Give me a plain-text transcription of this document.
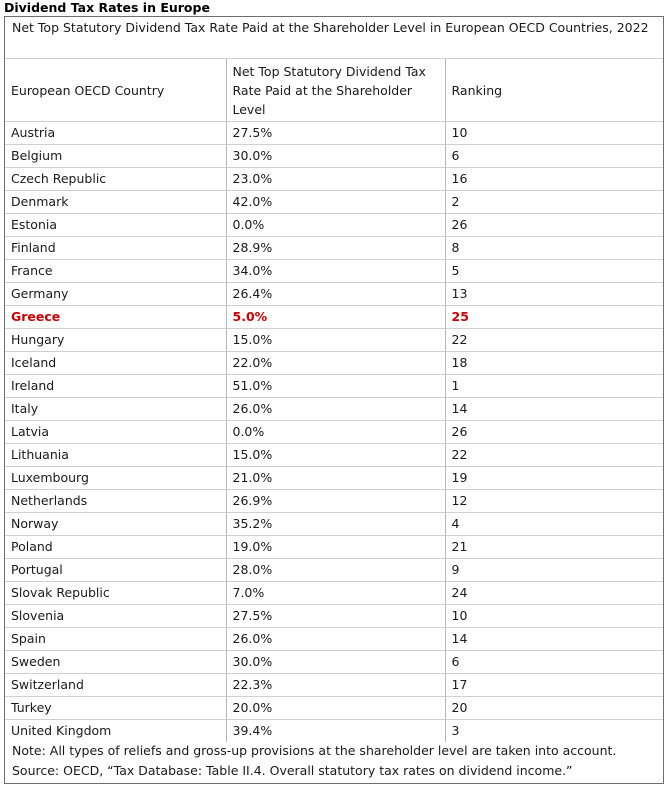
Dividend Tax Rates in Europe
Net Top Statutory Dividend Tax Rate Paid at the Shareholder Level in European OECD Countries, 2022
European OECD Country	Net Top Statutory Dividend Tax Rate Paid at the Shareholder Level	Ranking
Austria	27.5%	10
Belgium	30.0%	6
Czech Republic	23.0%	16
Denmark	42.0%	2
Estonia	0.0%	26
Finland	28.9%	8
France	34.0%	5
Germany	26.4%	13
Greece	5.0%	25
Hungary	15.0%	22
Iceland	22.0%	18
Ireland	51.0%	1
Italy	26.0%	14
Latvia	0.0%	26
Lithuania	15.0%	22
Luxembourg	21.0%	19
Netherlands	26.9%	12
Norway	35.2%	4
Poland	19.0%	21
Portugal	28.0%	9
Slovak Republic	7.0%	24
Slovenia	27.5%	10
Spain	26.0%	14
Sweden	30.0%	6
Switzerland	22.3%	17
Turkey	20.0%	20
United Kingdom	39.4%	3
Note: All types of reliefs and gross-up provisions at the shareholder level are taken into account.
Source: OECD, “Tax Database: Table II.4. Overall statutory tax rates on dividend income.”
